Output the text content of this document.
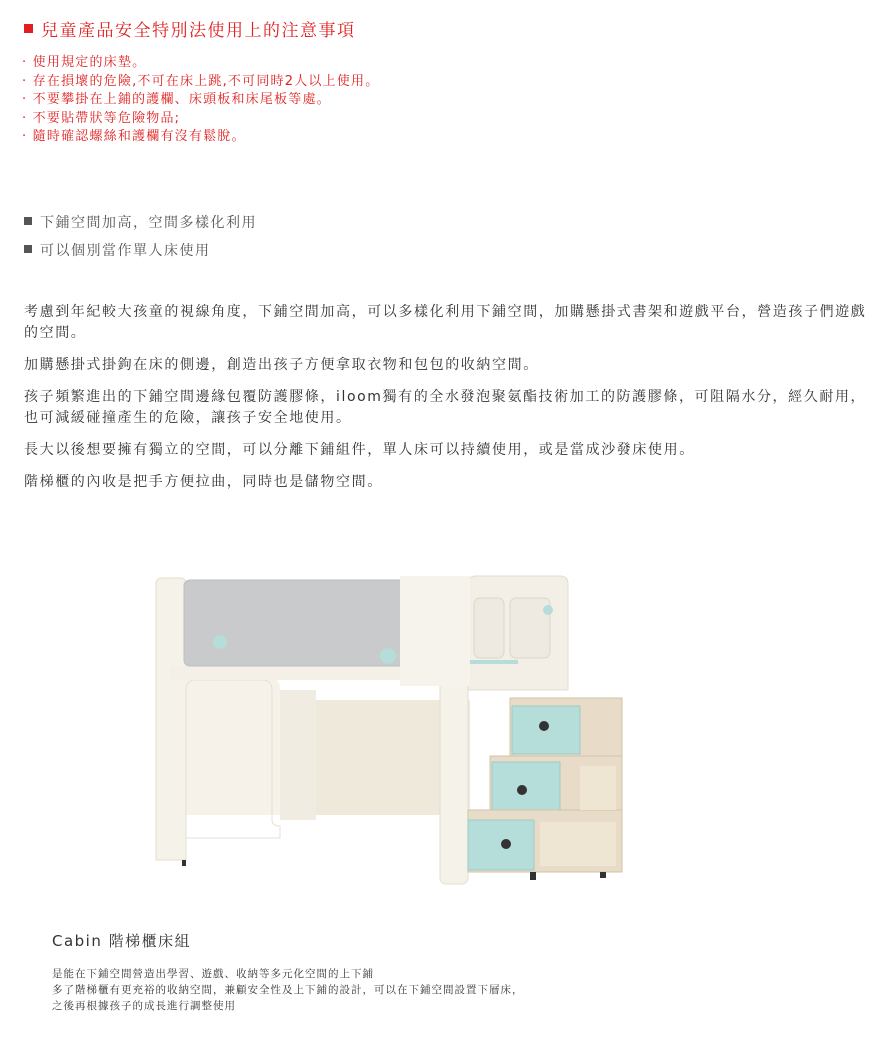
兒童產品安全特別法使用上的注意事項
· 使用規定的床墊。
· 存在損壞的危險,不可在床上跳,不可同時2人以上使用。
· 不要攀掛在上鋪的護欄、床頭板和床尾板等處。
· 不要貼帶狀等危險物品;
· 隨時確認螺絲和護欄有沒有鬆脫。
下鋪空間加高，空間多樣化利用
可以個別當作單人床使用

考慮到年紀較大孩童的視線角度，下鋪空間加高，可以多樣化利用下鋪空間，加購懸掛式書架和遊戲平台，營造孩子們遊戲的空間。

加購懸掛式掛鉤在床的側邊，創造出孩子方便拿取衣物和包包的收納空間。

孩子頻繁進出的下鋪空間邊緣包覆防護膠條，iloom獨有的全水發泡聚氨酯技術加工的防護膠條，可阻隔水分，經久耐用，也可減緩碰撞產生的危險，讓孩子安全地使用。

長大以後想要擁有獨立的空間，可以分離下鋪組件，單人床可以持續使用，或是當成沙發床使用。

階梯櫃的內收是把手方便拉曲，同時也是儲物空間。

Cabin 階梯櫃床組
是能在下鋪空間營造出學習、遊戲、收納等多元化空間的上下鋪
多了階梯櫃有更充裕的收納空間，兼顧安全性及上下鋪的設計，可以在下鋪空間設置下層床，
之後再根據孩子的成長進行調整使用
